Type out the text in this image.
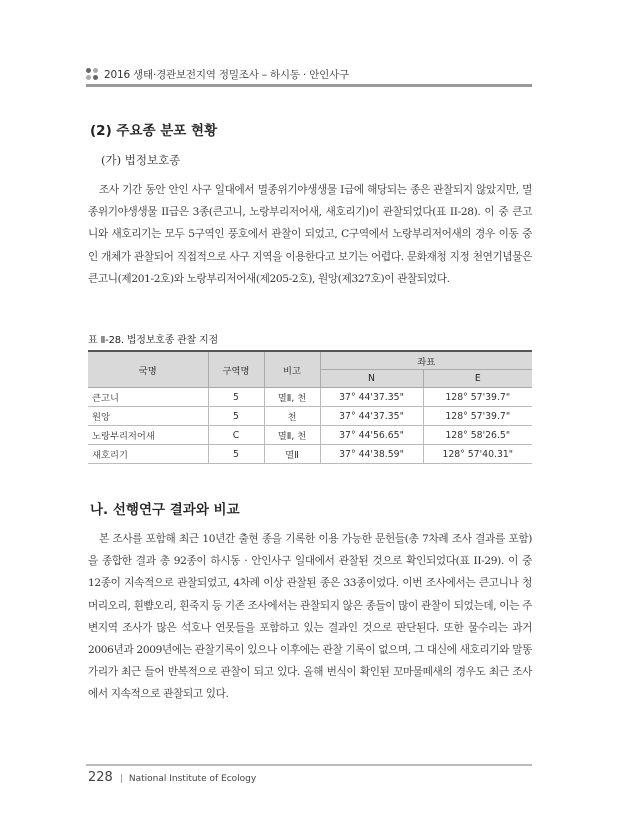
2016 생태·경관보전지역 정밀조사 – 하시동 · 안인사구
(2) 주요종 분포 현황
(가) 법정보호종

조사 기간 동안 안인 사구 일대에서 멸종위기야생생물 I급에 해당되는 종은 관찰되지 않았지만, 멸종위기야생생물 II급은 3종(큰고니, 노랑부리저어새, 새호리기)이 관찰되었다(표 II-28). 이 중 큰고니와 새호리기는 모두 5구역인 풍호에서 관찰이 되었고, C구역에서 노랑부리저어새의 경우 이동 중인 개체가 관찰되어 직접적으로 사구 지역을 이용한다고 보기는 어렵다. 문화재청 지정 천연기념물은 큰고니(제201-2호)와 노랑부리저어새(제205-2호), 원앙(제327호)이 관찰되었다.

표 Ⅱ-28. 법정보호종 관찰 지점
국명	구역명	비고	좌표	
			N	E
큰고니	5	멸Ⅱ, 천	37° 44'37.35"	128° 57'39.7"
원앙	5	천	37° 44'37.35"	128° 57'39.7"
노랑부리저어새	C	멸Ⅱ, 천	37° 44'56.65"	128° 58'26.5"
새호리기	5	멸Ⅱ	37° 44'38.59"	128° 57'40.31"
나. 선행연구 결과와 비교

본 조사를 포함해 최근 10년간 출현 종을 기록한 이용 가능한 문헌들(총 7차례 조사 결과를 포함)을 종합한 결과 총 92종이 하시동 · 안인사구 일대에서 관찰된 것으로 확인되었다(표 II-29). 이 중 12종이 지속적으로 관찰되었고, 4차례 이상 관찰된 종은 33종이었다. 이번 조사에서는 큰고니나 청머리오리, 흰뺨오리, 흰죽지 등 기존 조사에서는 관찰되지 않은 종들이 많이 관찰이 되었는데, 이는 주변지역 조사가 많은 석호나 연못들을 포함하고 있는 결과인 것으로 판단된다. 또한 물수리는 과거 2006년과 2009년에는 관찰기록이 있으나 이후에는 관찰 기록이 없으며, 그 대신에 새호리기와 말똥가리가 최근 들어 반복적으로 관찰이 되고 있다. 올해 번식이 확인된 꼬마물떼새의 경우도 최근 조사에서 지속적으로 관찰되고 있다.

228 | National Institute of Ecology
